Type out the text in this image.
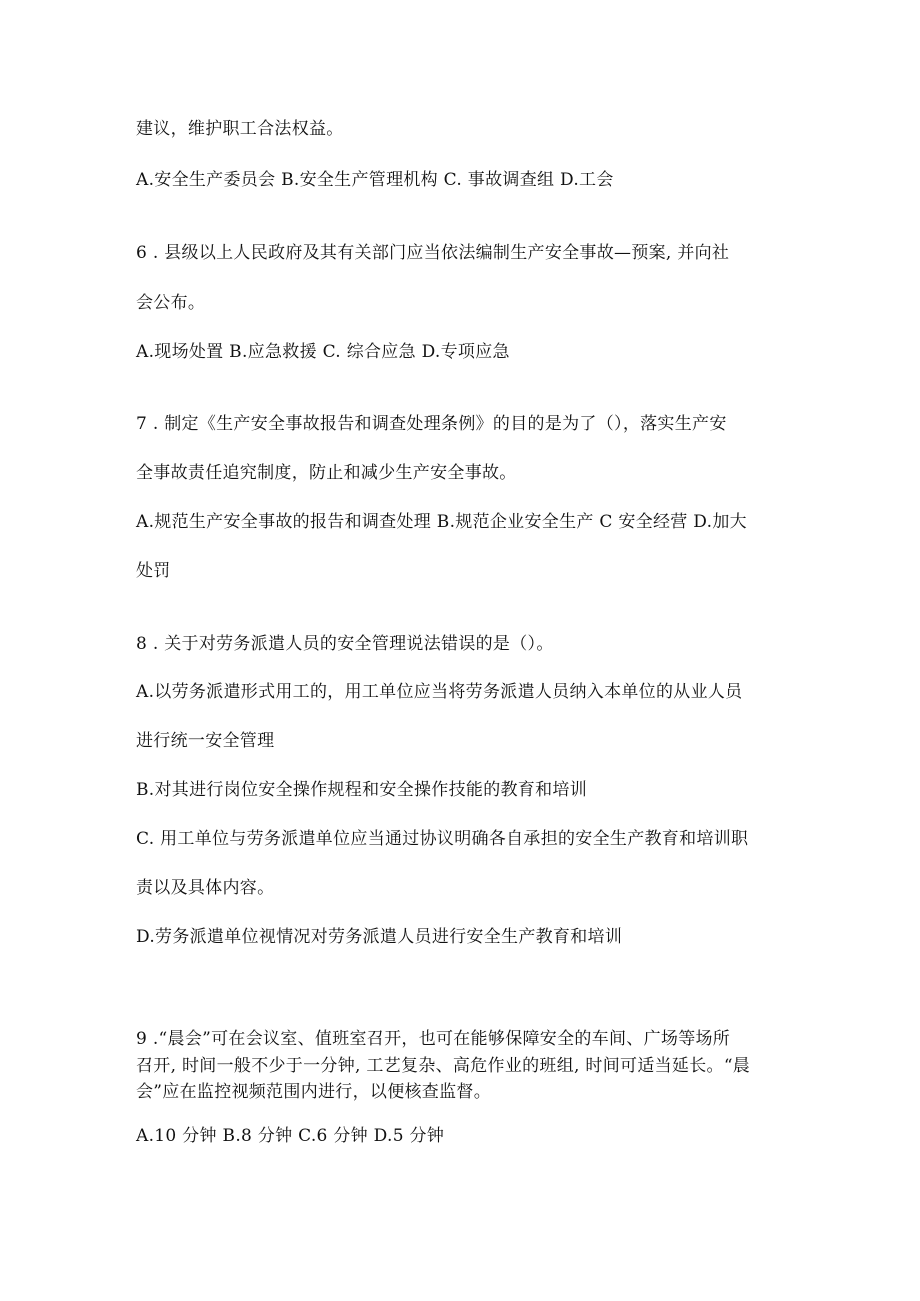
建议，维护职工合法权益。
A.安全生产委员会 B.安全生产管理机构 C. 事故调查组 D.工会
6 . 县级以上人民政府及其有关部门应当依法编制生产安全事故—预案, 并向社
会公布。
A.现场处置 B.应急救援 C. 综合应急 D.专项应急
7 . 制定《生产安全事故报告和调查处理条例》的目的是为了（），落实生产安
全事故责任追究制度，防止和减少生产安全事故。
A.规范生产安全事故的报告和调查处理 B.规范企业安全生产 C 安全经营 D.加大
处罚
8 . 关于对劳务派遣人员的安全管理说法错误的是（）。
A.以劳务派遣形式用工的，用工单位应当将劳务派遣人员纳入本单位的从业人员
进行统一安全管理
B.对其进行岗位安全操作规程和安全操作技能的教育和培训
C. 用工单位与劳务派遣单位应当通过协议明确各自承担的安全生产教育和培训职
责以及具体内容。
D.劳务派遣单位视情况对劳务派遣人员进行安全生产教育和培训
9 .“晨会”可在会议室、值班室召开，也可在能够保障安全的车间、广场等场所
召开, 时间一般不少于一分钟, 工艺复杂、高危作业的班组, 时间可适当延长。“晨
会”应在监控视频范围内进行，以便核查监督。
A.10 分钟 B.8 分钟 C.6 分钟 D.5 分钟
